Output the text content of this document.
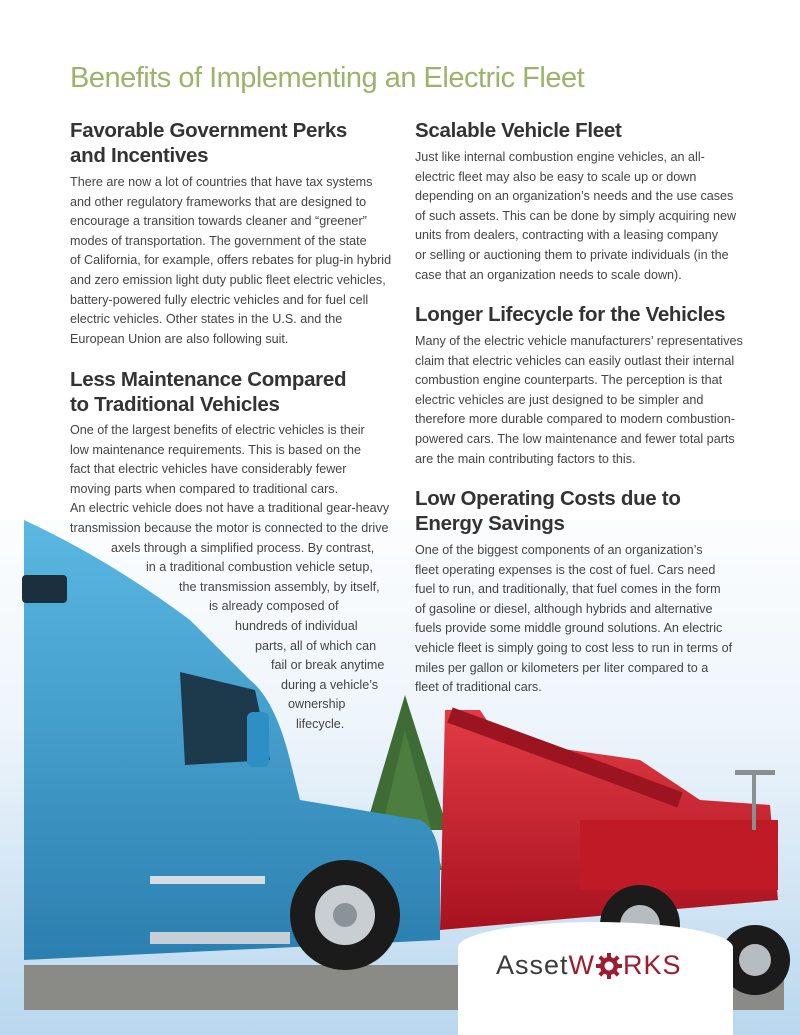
Benefits of Implementing an Electric Fleet
Favorable Government Perks
and Incentives

There are now a lot of countries that have tax systems
and other regulatory frameworks that are designed to
encourage a transition towards cleaner and “greener”
modes of transportation. The government of the state
of California, for example, offers rebates for plug-in hybrid
and zero emission light duty public fleet electric vehicles,
battery-powered fully electric vehicles and for fuel cell
electric vehicles. Other states in the U.S. and the
European Union are also following suit.

Less Maintenance Compared
to Traditional Vehicles

One of the largest benefits of electric vehicles is their
low maintenance requirements. This is based on the
fact that electric vehicles have considerably fewer
moving parts when compared to traditional cars.
An electric vehicle does not have a traditional gear-heavy
transmission because the motor is connected to the drive
axels through a simplified process. By contrast,
in a traditional combustion vehicle setup,
the transmission assembly, by itself,
is already composed of
hundreds of individual
parts, all of which can
fail or break anytime
during a vehicle’s
ownership
lifecycle.

Scalable Vehicle Fleet

Just like internal combustion engine vehicles, an all-
electric fleet may also be easy to scale up or down
depending on an organization’s needs and the use cases
of such assets. This can be done by simply acquiring new
units from dealers, contracting with a leasing company
or selling or auctioning them to private individuals (in the
case that an organization needs to scale down).

Longer Lifecycle for the Vehicles

Many of the electric vehicle manufacturers’ representatives
claim that electric vehicles can easily outlast their internal
combustion engine counterparts. The perception is that
electric vehicles are just designed to be simpler and
therefore more durable compared to modern combustion-
powered cars. The low maintenance and fewer total parts
are the main contributing factors to this.

Low Operating Costs due to
Energy Savings

One of the biggest components of an organization’s
fleet operating expenses is the cost of fuel. Cars need
fuel to run, and traditionally, that fuel comes in the form
of gasoline or diesel, although hybrids and alternative
fuels provide some middle ground solutions. An electric
vehicle fleet is simply going to cost less to run in terms of
miles per gallon or kilometers per liter compared to a
fleet of traditional cars.

Asset W RKS
